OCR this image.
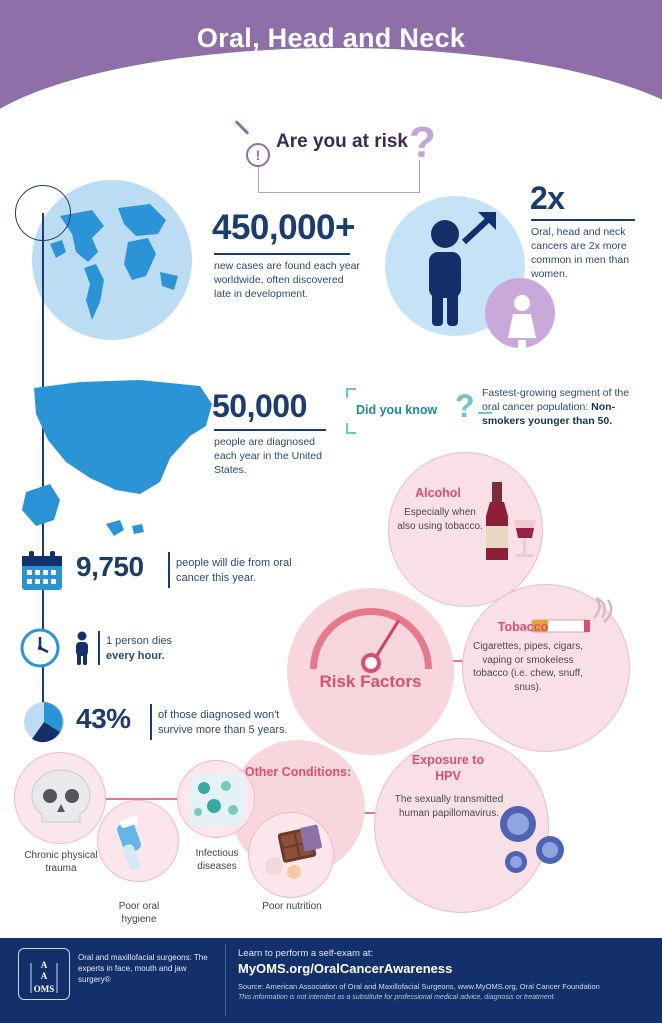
Oral, Head and Neck
Cancer Facts
!
Are you at risk ?
450,000+
new cases are found each year worldwide, often discovered late in development.
2x
Oral, head and neck cancers are 2x more common in men than women.
50,000
people are diagnosed each year in the United States.
Did you know ? Fastest-growing segment of the oral cancer population: Non-smokers younger than 50.
9,750	people will die from oral cancer this year.
1 person dies
every hour.
43% of those diagnosed won't survive more than 5 years.
Risk Factors
Alcohol
Especially when also using tobacco.
Tobacco
Cigarettes, pipes, cigars, vaping or smokeless tobacco (i.e. chew, snuff, snus).
Exposure to HPV
The sexually transmitted human papillomavirus.
Other Conditions:
Chronic physical trauma
Poor oral hygiene
Infectious diseases
Poor nutrition
A
A
OMS
Oral and maxillofacial surgeons: The experts in face, mouth and jaw surgery®
Learn to perform a self-exam at:
MyOMS.org/OralCancerAwareness
Source: American Association of Oral and Maxillofacial Surgeons, www.MyOMS.org, Oral Cancer Foundation
This information is not intended as a substitute for professional medical advice, diagnosis or treatment.
